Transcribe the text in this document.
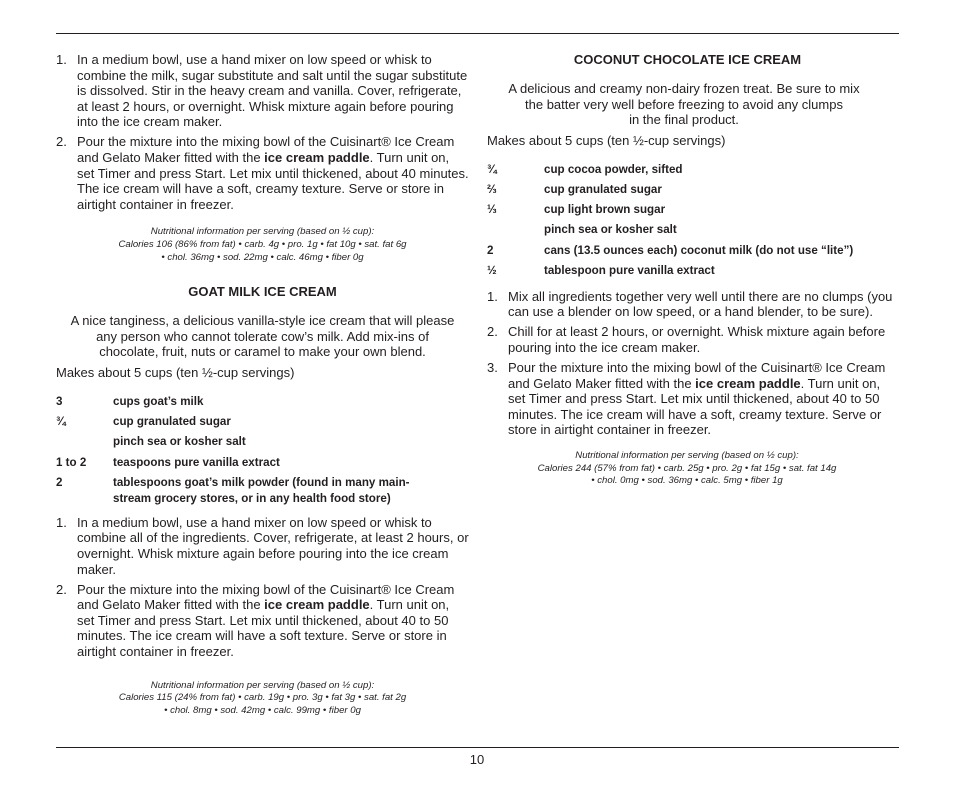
1. In a medium bowl, use a hand mixer on low speed or whisk to combine the milk, sugar substitute and salt until the sugar substitute is dissolved. Stir in the heavy cream and vanilla. Cover, refrigerate, at least 2 hours, or overnight. Whisk mixture again before pouring into the ice cream maker.
2. Pour the mixture into the mixing bowl of the Cuisinart® Ice Cream and Gelato Maker fitted with the ice cream paddle. Turn unit on, set Timer and press Start. Let mix until thickened, about 40 minutes. The ice cream will have a soft, creamy texture. Serve or store in airtight container in freezer.
Nutritional information per serving (based on ½ cup):
Calories 106 (86% from fat) • carb. 4g • pro. 1g • fat 10g • sat. fat 6g
• chol. 36mg • sod. 22mg • calc. 46mg • fiber 0g
GOAT MILK ICE CREAM
A nice tanginess, a delicious vanilla-style ice cream that will please
any person who cannot tolerate cow’s milk. Add mix-ins of
chocolate, fruit, nuts or caramel to make your own blend.
Makes about 5 cups (ten ½-cup servings)
3	cups goat’s milk
¾	cup granulated sugar
pinch sea or kosher salt
1 to 2	teaspoons pure vanilla extract
2	tablespoons goat’s milk powder (found in many main-stream grocery stores, or in any health food store)
1. In a medium bowl, use a hand mixer on low speed or whisk to combine all of the ingredients. Cover, refrigerate, at least 2 hours, or overnight. Whisk mixture again before pouring into the ice cream maker.
2. Pour the mixture into the mixing bowl of the Cuisinart® Ice Cream and Gelato Maker fitted with the ice cream paddle. Turn unit on, set Timer and press Start. Let mix until thickened, about 40 to 50 minutes. The ice cream will have a soft texture. Serve or store in airtight container in freezer.
Nutritional information per serving (based on ½ cup):
Calories 115 (24% from fat) • carb. 19g • pro. 3g • fat 3g • sat. fat 2g
• chol. 8mg • sod. 42mg • calc. 99mg • fiber 0g
COCONUT CHOCOLATE ICE CREAM
A delicious and creamy non-dairy frozen treat. Be sure to mix
the batter very well before freezing to avoid any clumps
in the final product.
Makes about 5 cups (ten ½-cup servings)
¾	cup cocoa powder, sifted
⅔	cup granulated sugar
⅓	cup light brown sugar
pinch sea or kosher salt
2	cans (13.5 ounces each) coconut milk (do not use “lite”)
½	tablespoon pure vanilla extract
1. Mix all ingredients together very well until there are no clumps (you can use a blender on low speed, or a hand blender, to be sure).
2. Chill for at least 2 hours, or overnight. Whisk mixture again before pouring into the ice cream maker.
3. Pour the mixture into the mixing bowl of the Cuisinart® Ice Cream and Gelato Maker fitted with the ice cream paddle. Turn unit on, set Timer and press Start. Let mix until thickened, about 40 to 50 minutes. The ice cream will have a soft, creamy texture. Serve or store in airtight container in freezer.
Nutritional information per serving (based on ½ cup):
Calories 244 (57% from fat) • carb. 25g • pro. 2g • fat 15g • sat. fat 14g
• chol. 0mg • sod. 36mg • calc. 5mg • fiber 1g
10
